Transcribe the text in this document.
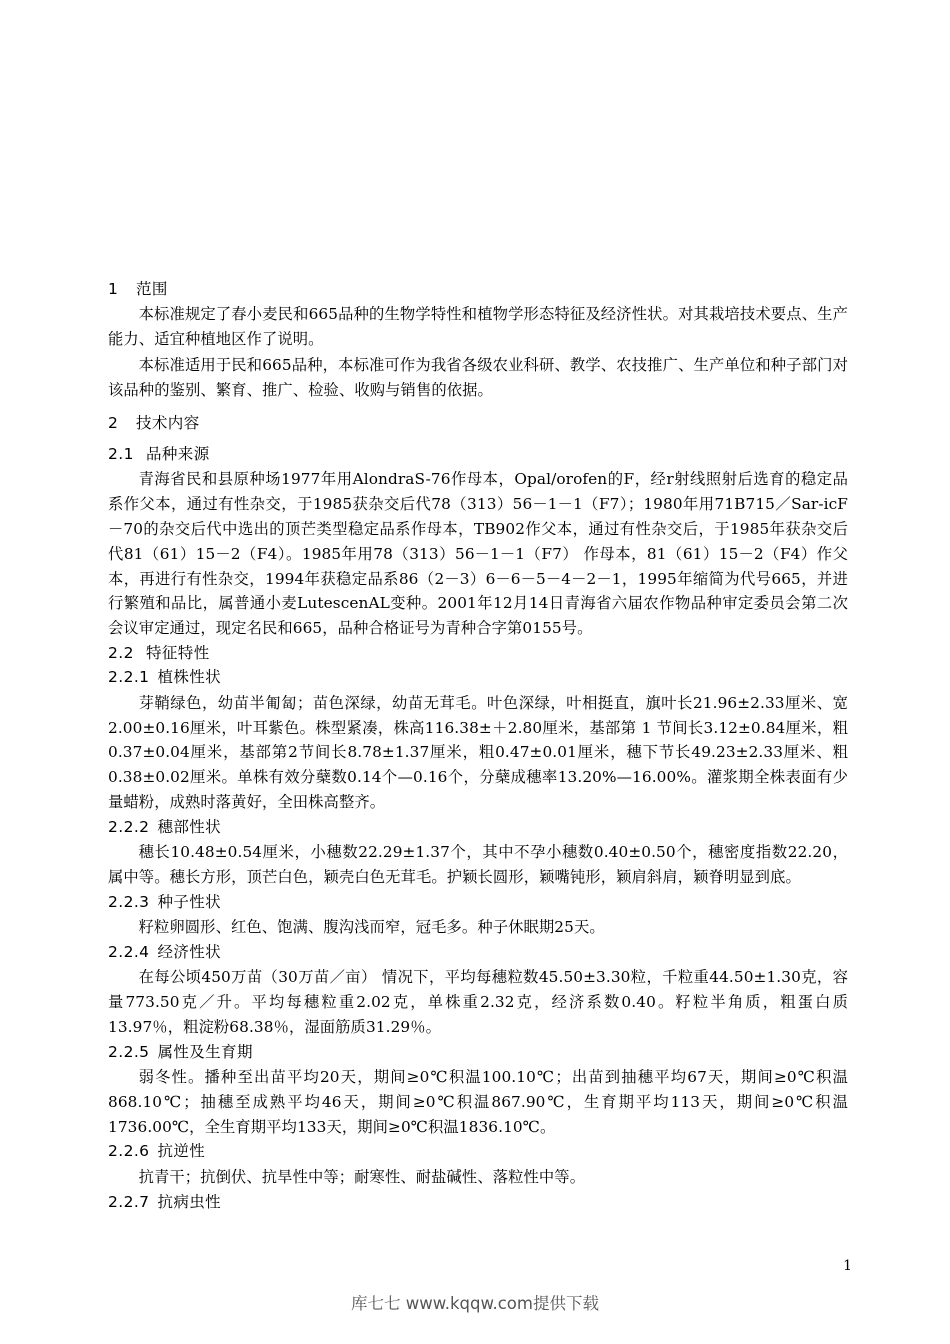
1 范围

本标准规定了春小麦民和665品种的生物学特性和植物学形态特征及经济性状。对其栽培技术要点、生产能力、适宜种植地区作了说明。

本标准适用于民和665品种，本标准可作为我省各级农业科研、教学、农技推广、生产单位和种子部门对该品种的鉴别、繁育、推广、检验、收购与销售的依据。

2 技术内容
2.1 品种来源

青海省民和县原种场1977年用AlondraS-76作母本，Opal/orofen的F，经r射线照射后选育的稳定品系作父本，通过有性杂交，于1985获杂交后代78（313）56－1－1（F7）；1980年用71B715／Sar-icF－70的杂交后代中选出的顶芒类型稳定品系作母本，TB902作父本，通过有性杂交后，于1985年获杂交后代81（61）15－2（F4）。1985年用78（313）56－1－1（F7） 作母本，81（61）15－2（F4）作父本，再进行有性杂交，1994年获稳定品系86（2－3）6－6－5－4－2－1，1995年缩简为代号665，并进行繁殖和品比，属普通小麦LutescenAL变种。2001年12月14日青海省六届农作物品种审定委员会第二次会议审定通过，现定名民和665，品种合格证号为青种合字第0155号。

2.2 特征特性
2.2.1 植株性状

芽鞘绿色，幼苗半匍匐；苗色深绿，幼苗无茸毛。叶色深绿，叶相挺直，旗叶长21.96±2.33厘米、宽2.00±0.16厘米，叶耳紫色。株型紧凑，株高116.38±＋2.80厘米，基部第 1 节间长3.12±0.84厘米，粗0.37±0.04厘米，基部第2节间长8.78±1.37厘米，粗0.47±0.01厘米，穗下节长49.23±2.33厘米、粗0.38±0.02厘米。单株有效分蘖数0.14个—0.16个，分蘖成穗率13.20%—16.00%。灌浆期全株表面有少量蜡粉，成熟时落黄好，全田株高整齐。

2.2.2 穗部性状

穗长10.48±0.54厘米，小穗数22.29±1.37个，其中不孕小穗数0.40±0.50个，穗密度指数22.20，属中等。穗长方形，顶芒白色，颖壳白色无茸毛。护颖长圆形，颖嘴钝形，颖肩斜肩，颖脊明显到底。

2.2.3 种子性状

籽粒卵圆形、红色、饱满、腹沟浅而窄，冠毛多。种子休眠期25天。

2.2.4 经济性状

在每公顷450万苗（30万苗／亩） 情况下，平均每穗粒数45.50±3.30粒，千粒重44.50±1.30克，容量773.50克／升。平均每穗粒重2.02克，单株重2.32克，经济系数0.40。籽粒半角质，粗蛋白质13.97％，粗淀粉68.38％，湿面筋质31.29％。

2.2.5 属性及生育期

弱冬性。播种至出苗平均20天，期间≥0℃积温100.10℃；出苗到抽穗平均67天，期间≥0℃积温868.10℃；抽穗至成熟平均46天，期间≥0℃积温867.90℃，生育期平均113天，期间≥0℃积温1736.00℃，全生育期平均133天，期间≥0℃积温1836.10℃。

2.2.6 抗逆性

抗青干；抗倒伏、抗旱性中等；耐寒性、耐盐碱性、落粒性中等。

2.2.7 抗病虫性
1
库七七 www.kqqw.com提供下载
